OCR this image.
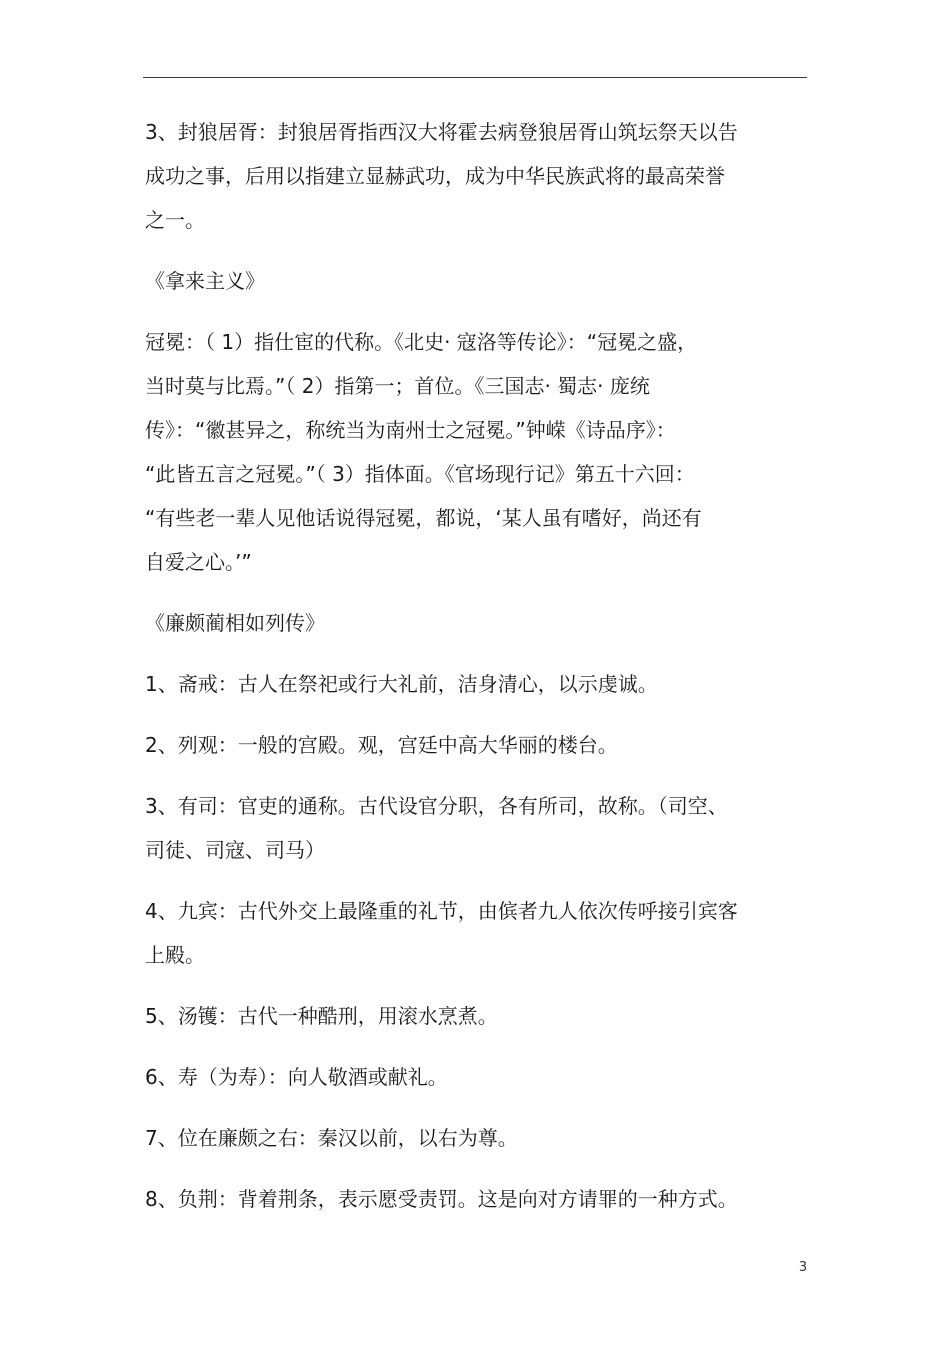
3、封狼居胥：封狼居胥指西汉大将霍去病登狼居胥山筑坛祭天以告
成功之事，后用以指建立显赫武功，成为中华民族武将的最高荣誉
之一。

《拿来主义》

冠冕：（ 1）指仕宦的代称。《北史· 寇洛等传论》：“冠冕之盛，
当时莫与比焉。”（ 2）指第一；首位。《三国志· 蜀志· 庞统
传》：“徽甚异之，称统当为南州士之冠冕。”钟嵘《诗品序》：
“此皆五言之冠冕。”（ 3）指体面。《官场现行记》第五十六回：
“有些老一辈人见他话说得冠冕，都说，‘某人虽有嗜好，尚还有
自爱之心。’”

《廉颇蔺相如列传》

1、斋戒：古人在祭祀或行大礼前，洁身清心，以示虔诚。

2、列观：一般的宫殿。观，宫廷中高大华丽的楼台。

3、有司：官吏的通称。古代设官分职，各有所司，故称。（司空、
司徒、司寇、司马）

4、九宾：古代外交上最隆重的礼节，由傧者九人依次传呼接引宾客
上殿。

5、汤镬：古代一种酷刑，用滚水烹煮。

6、寿（为寿）：向人敬酒或献礼。

7、位在廉颇之右：秦汉以前，以右为尊。

8、负荆：背着荆条，表示愿受责罚。这是向对方请罪的一种方式。

3
